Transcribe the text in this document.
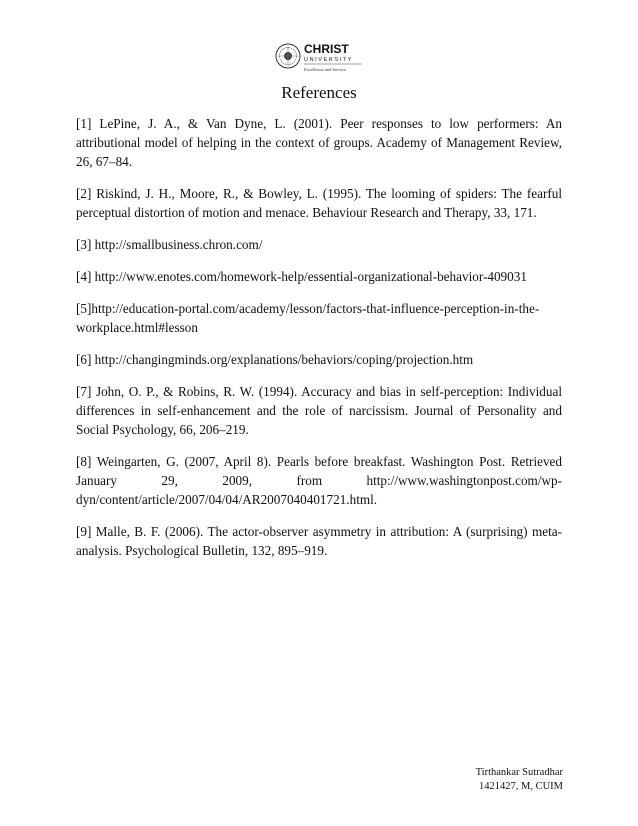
CHRIST
UNIVERSITY
Excellence and Service
References

[1] LePine, J. A., & Van Dyne, L. (2001). Peer responses to low performers: An attributional model of helping in the context of groups. Academy of Management Review, 26, 67–84.

[2] Riskind, J. H., Moore, R., & Bowley, L. (1995). The looming of spiders: The fearful perceptual distortion of motion and menace. Behaviour Research and Therapy, 33, 171.

[3] http://smallbusiness.chron.com/

[4] http://www.enotes.com/homework-help/essential-organizational-behavior-409031

[5]http://education-portal.com/academy/lesson/factors-that-influence-perception-in-the-
workplace.html#lesson

[6] http://changingminds.org/explanations/behaviors/coping/projection.htm

[7] John, O. P., & Robins, R. W. (1994). Accuracy and bias in self-perception: Individual differences in self-enhancement and the role of narcissism. Journal of Personality and Social Psychology, 66, 206–219.

[8] Weingarten, G. (2007, April 8). Pearls before breakfast. Washington Post. Retrieved January 29, 2009, from http://www.washingtonpost.com/wp-
dyn/content/article/2007/04/04/AR2007040401721.html.

[9] Malle, B. F. (2006). The actor-observer asymmetry in attribution: A (surprising) meta-analysis. Psychological Bulletin, 132, 895–919.

Tirthankar Sutradhar
1421427, M, CUIM
